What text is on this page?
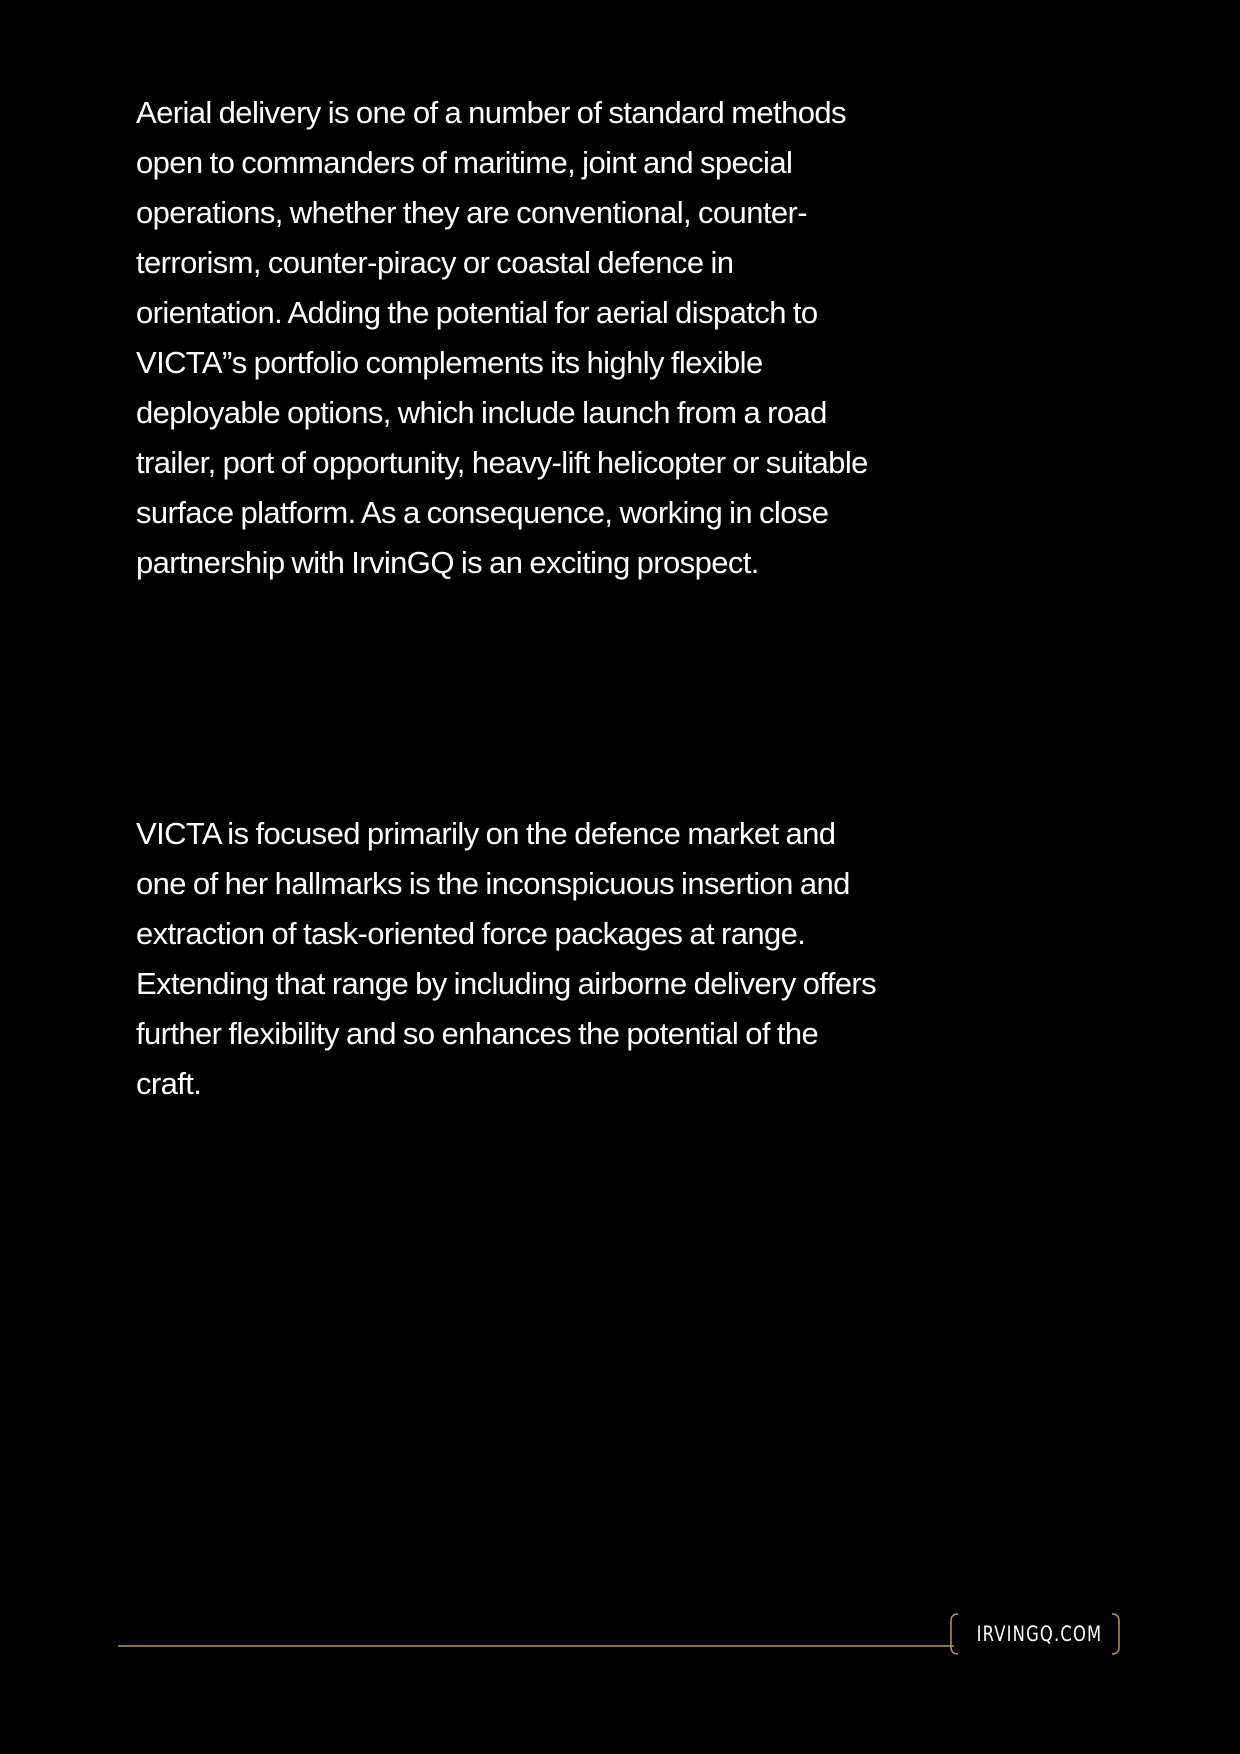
Aerial delivery is one of a number of standard methods open to commanders of maritime, joint and special operations, whether they are conventional, counter-terrorism, counter-piracy or coastal defence in orientation. Adding the potential for aerial dispatch to VICTA”s portfolio complements its highly flexible deployable options, which include launch from a road trailer, port of opportunity, heavy-lift helicopter or suitable surface platform. As a consequence, working in close partnership with IrvinGQ is an exciting prospect.

VICTA is focused primarily on the defence market and one of her hallmarks is the inconspicuous insertion and extraction of task-oriented force packages at range. Extending that range by including airborne delivery offers further flexibility and so enhances the potential of the craft.

IRVINGQ.COM
